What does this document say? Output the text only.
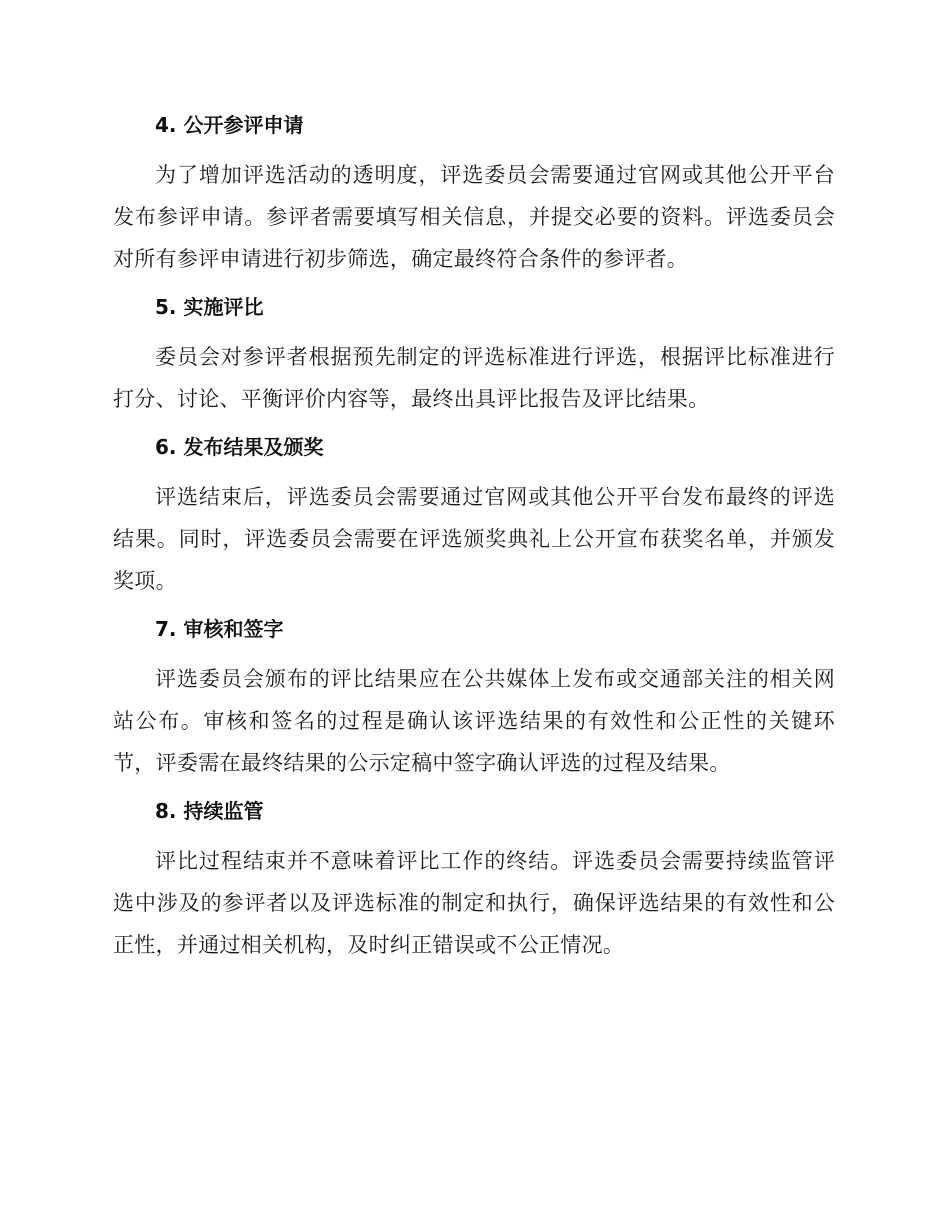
4. 公开参评申请

为了增加评选活动的透明度，评选委员会需要通过官网或其他公开平台发布参评申请。参评者需要填写相关信息，并提交必要的资料。评选委员会对所有参评申请进行初步筛选，确定最终符合条件的参评者。

5. 实施评比

委员会对参评者根据预先制定的评选标准进行评选，根据评比标准进行打分、讨论、平衡评价内容等，最终出具评比报告及评比结果。

6. 发布结果及颁奖

评选结束后，评选委员会需要通过官网或其他公开平台发布最终的评选结果。同时，评选委员会需要在评选颁奖典礼上公开宣布获奖名单，并颁发奖项。

7. 审核和签字

评选委员会颁布的评比结果应在公共媒体上发布或交通部关注的相关网站公布。审核和签名的过程是确认该评选结果的有效性和公正性的关键环节，评委需在最终结果的公示定稿中签字确认评选的过程及结果。

8. 持续监管

评比过程结束并不意味着评比工作的终结。评选委员会需要持续监管评选中涉及的参评者以及评选标准的制定和执行，确保评选结果的有效性和公正性，并通过相关机构，及时纠正错误或不公正情况。
